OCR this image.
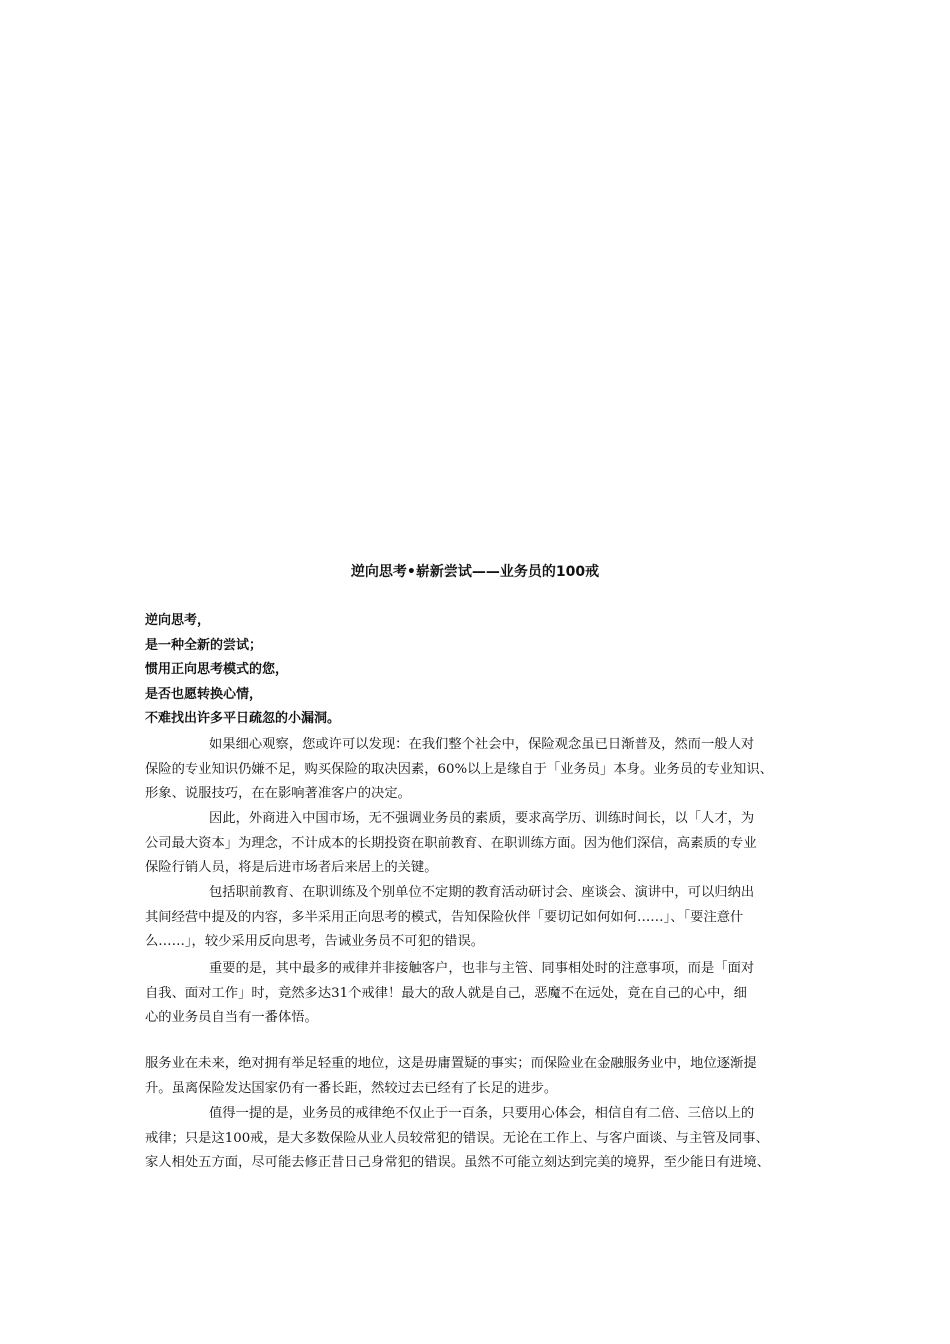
逆向思考•崭新尝试——业务员的100戒
逆向思考，
是一种全新的尝试；
惯用正向思考模式的您，
是否也愿转换心情，
不难找出许多平日疏忽的小漏洞。
如果细心观察，您或许可以发现：在我们整个社会中，保险观念虽已日渐普及，然而一般人对
保险的专业知识仍嫌不足，购买保险的取决因素，60%以上是缘自于「业务员」本身。业务员的专业知识、
形象、说服技巧，在在影响著准客户的决定。
因此，外商进入中国市场，无不强调业务员的素质，要求高学历、训练时间长，以「人才，为
公司最大资本」为理念，不计成本的长期投资在职前教育、在职训练方面。因为他们深信，高素质的专业
保险行销人员，将是后进市场者后来居上的关键。
包括职前教育、在职训练及个别单位不定期的教育活动研讨会、座谈会、演讲中，可以归纳出
其间经营中提及的内容，多半采用正向思考的模式，告知保险伙伴「要切记如何如何……」、「要注意什
么……」，较少采用反向思考，告诫业务员不可犯的错误。
重要的是，其中最多的戒律并非接触客户，也非与主管、同事相处时的注意事项，而是「面对
自我、面对工作」时，竟然多达31个戒律！最大的敌人就是自己，恶魔不在远处，竟在自己的心中，细
心的业务员自当有一番体悟。
服务业在未来，绝对拥有举足轻重的地位，这是毋庸置疑的事实；而保险业在金融服务业中，地位逐渐提
升。虽离保险发达国家仍有一番长距，然较过去已经有了长足的进步。
值得一提的是，业务员的戒律绝不仅止于一百条，只要用心体会，相信自有二倍、三倍以上的
戒律；只是这100戒，是大多数保险从业人员较常犯的错误。无论在工作上、与客户面谈、与主管及同事、
家人相处五方面，尽可能去修正昔日己身常犯的错误。虽然不可能立刻达到完美的境界，至少能日有进境、
